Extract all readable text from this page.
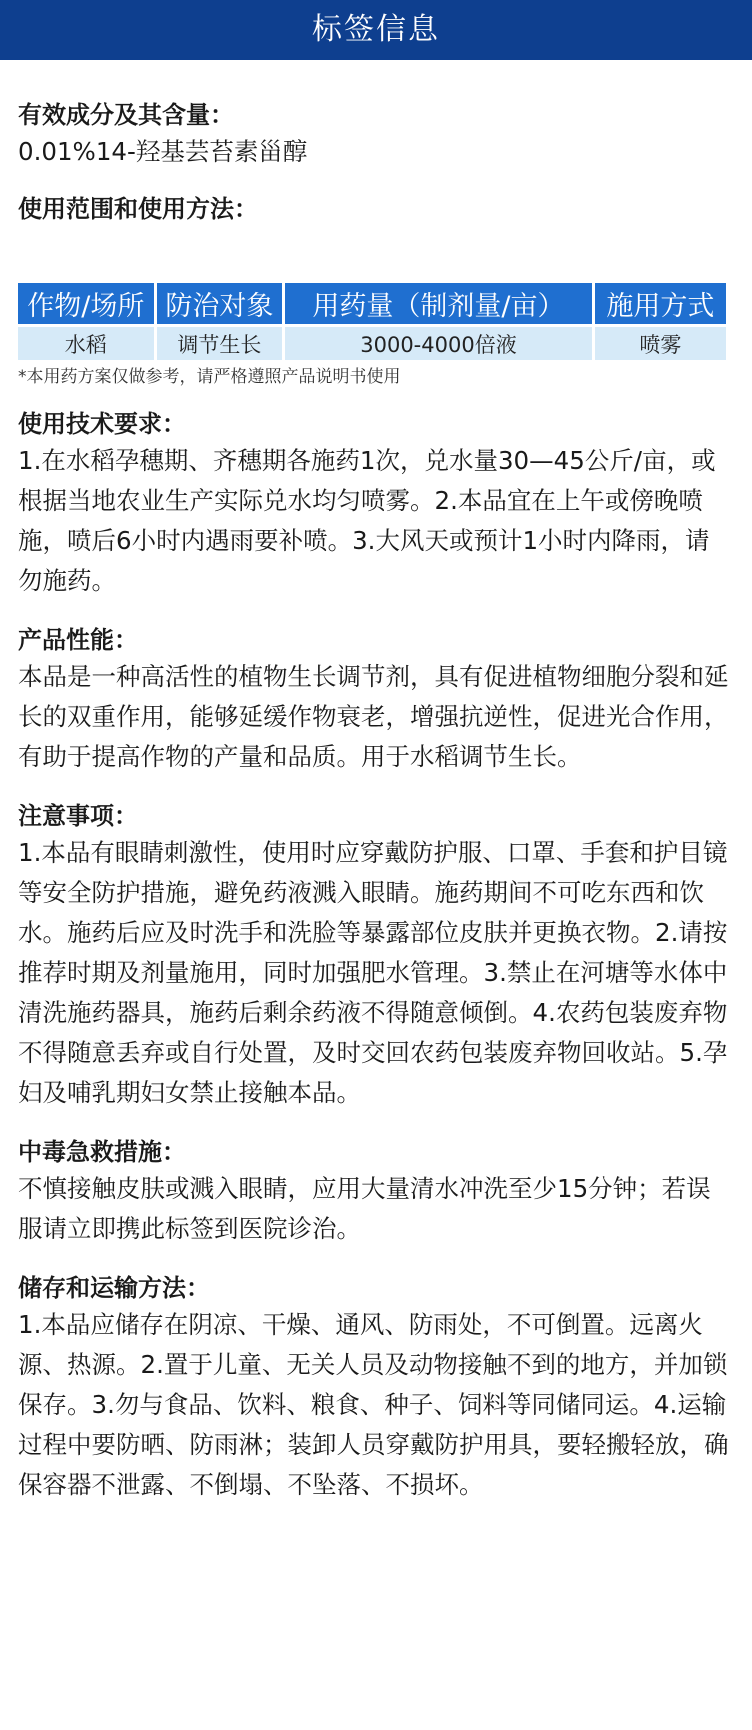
标签信息
有效成分及其含量：

0.01%14-羟基芸苔素甾醇

使用范围和使用方法：
作物/场所	防治对象	用药量（制剂量/亩）	施用方式
水稻	调节生长	3000-4000倍液	喷雾

*本用药方案仅做参考，请严格遵照产品说明书使用

使用技术要求：

1.在水稻孕穗期、齐穗期各施药1次，兑水量30—45公斤/亩，或根据当地农业生产实际兑水均匀喷雾。2.本品宜在上午或傍晚喷施，喷后6小时内遇雨要补喷。3.大风天或预计1小时内降雨，请勿施药。

产品性能：

本品是一种高活性的植物生长调节剂，具有促进植物细胞分裂和延长的双重作用，能够延缓作物衰老，增强抗逆性，促进光合作用，有助于提高作物的产量和品质。用于水稻调节生长。

注意事项：

1.本品有眼睛刺激性，使用时应穿戴防护服、口罩、手套和护目镜等安全防护措施，避免药液溅入眼睛。施药期间不可吃东西和饮水。施药后应及时洗手和洗脸等暴露部位皮肤并更换衣物。2.请按推荐时期及剂量施用，同时加强肥水管理。3.禁止在河塘等水体中清洗施药器具，施药后剩余药液不得随意倾倒。4.农药包装废弃物不得随意丢弃或自行处置，及时交回农药包装废弃物回收站。5.孕妇及哺乳期妇女禁止接触本品。

中毒急救措施：

不慎接触皮肤或溅入眼睛，应用大量清水冲洗至少15分钟；若误服请立即携此标签到医院诊治。

储存和运输方法：

1.本品应储存在阴凉、干燥、通风、防雨处，不可倒置。远离火源、热源。2.置于儿童、无关人员及动物接触不到的地方，并加锁保存。3.勿与食品、饮料、粮食、种子、饲料等同储同运。4.运输过程中要防晒、防雨淋；装卸人员穿戴防护用具，要轻搬轻放，确保容器不泄露、不倒塌、不坠落、不损坏。
